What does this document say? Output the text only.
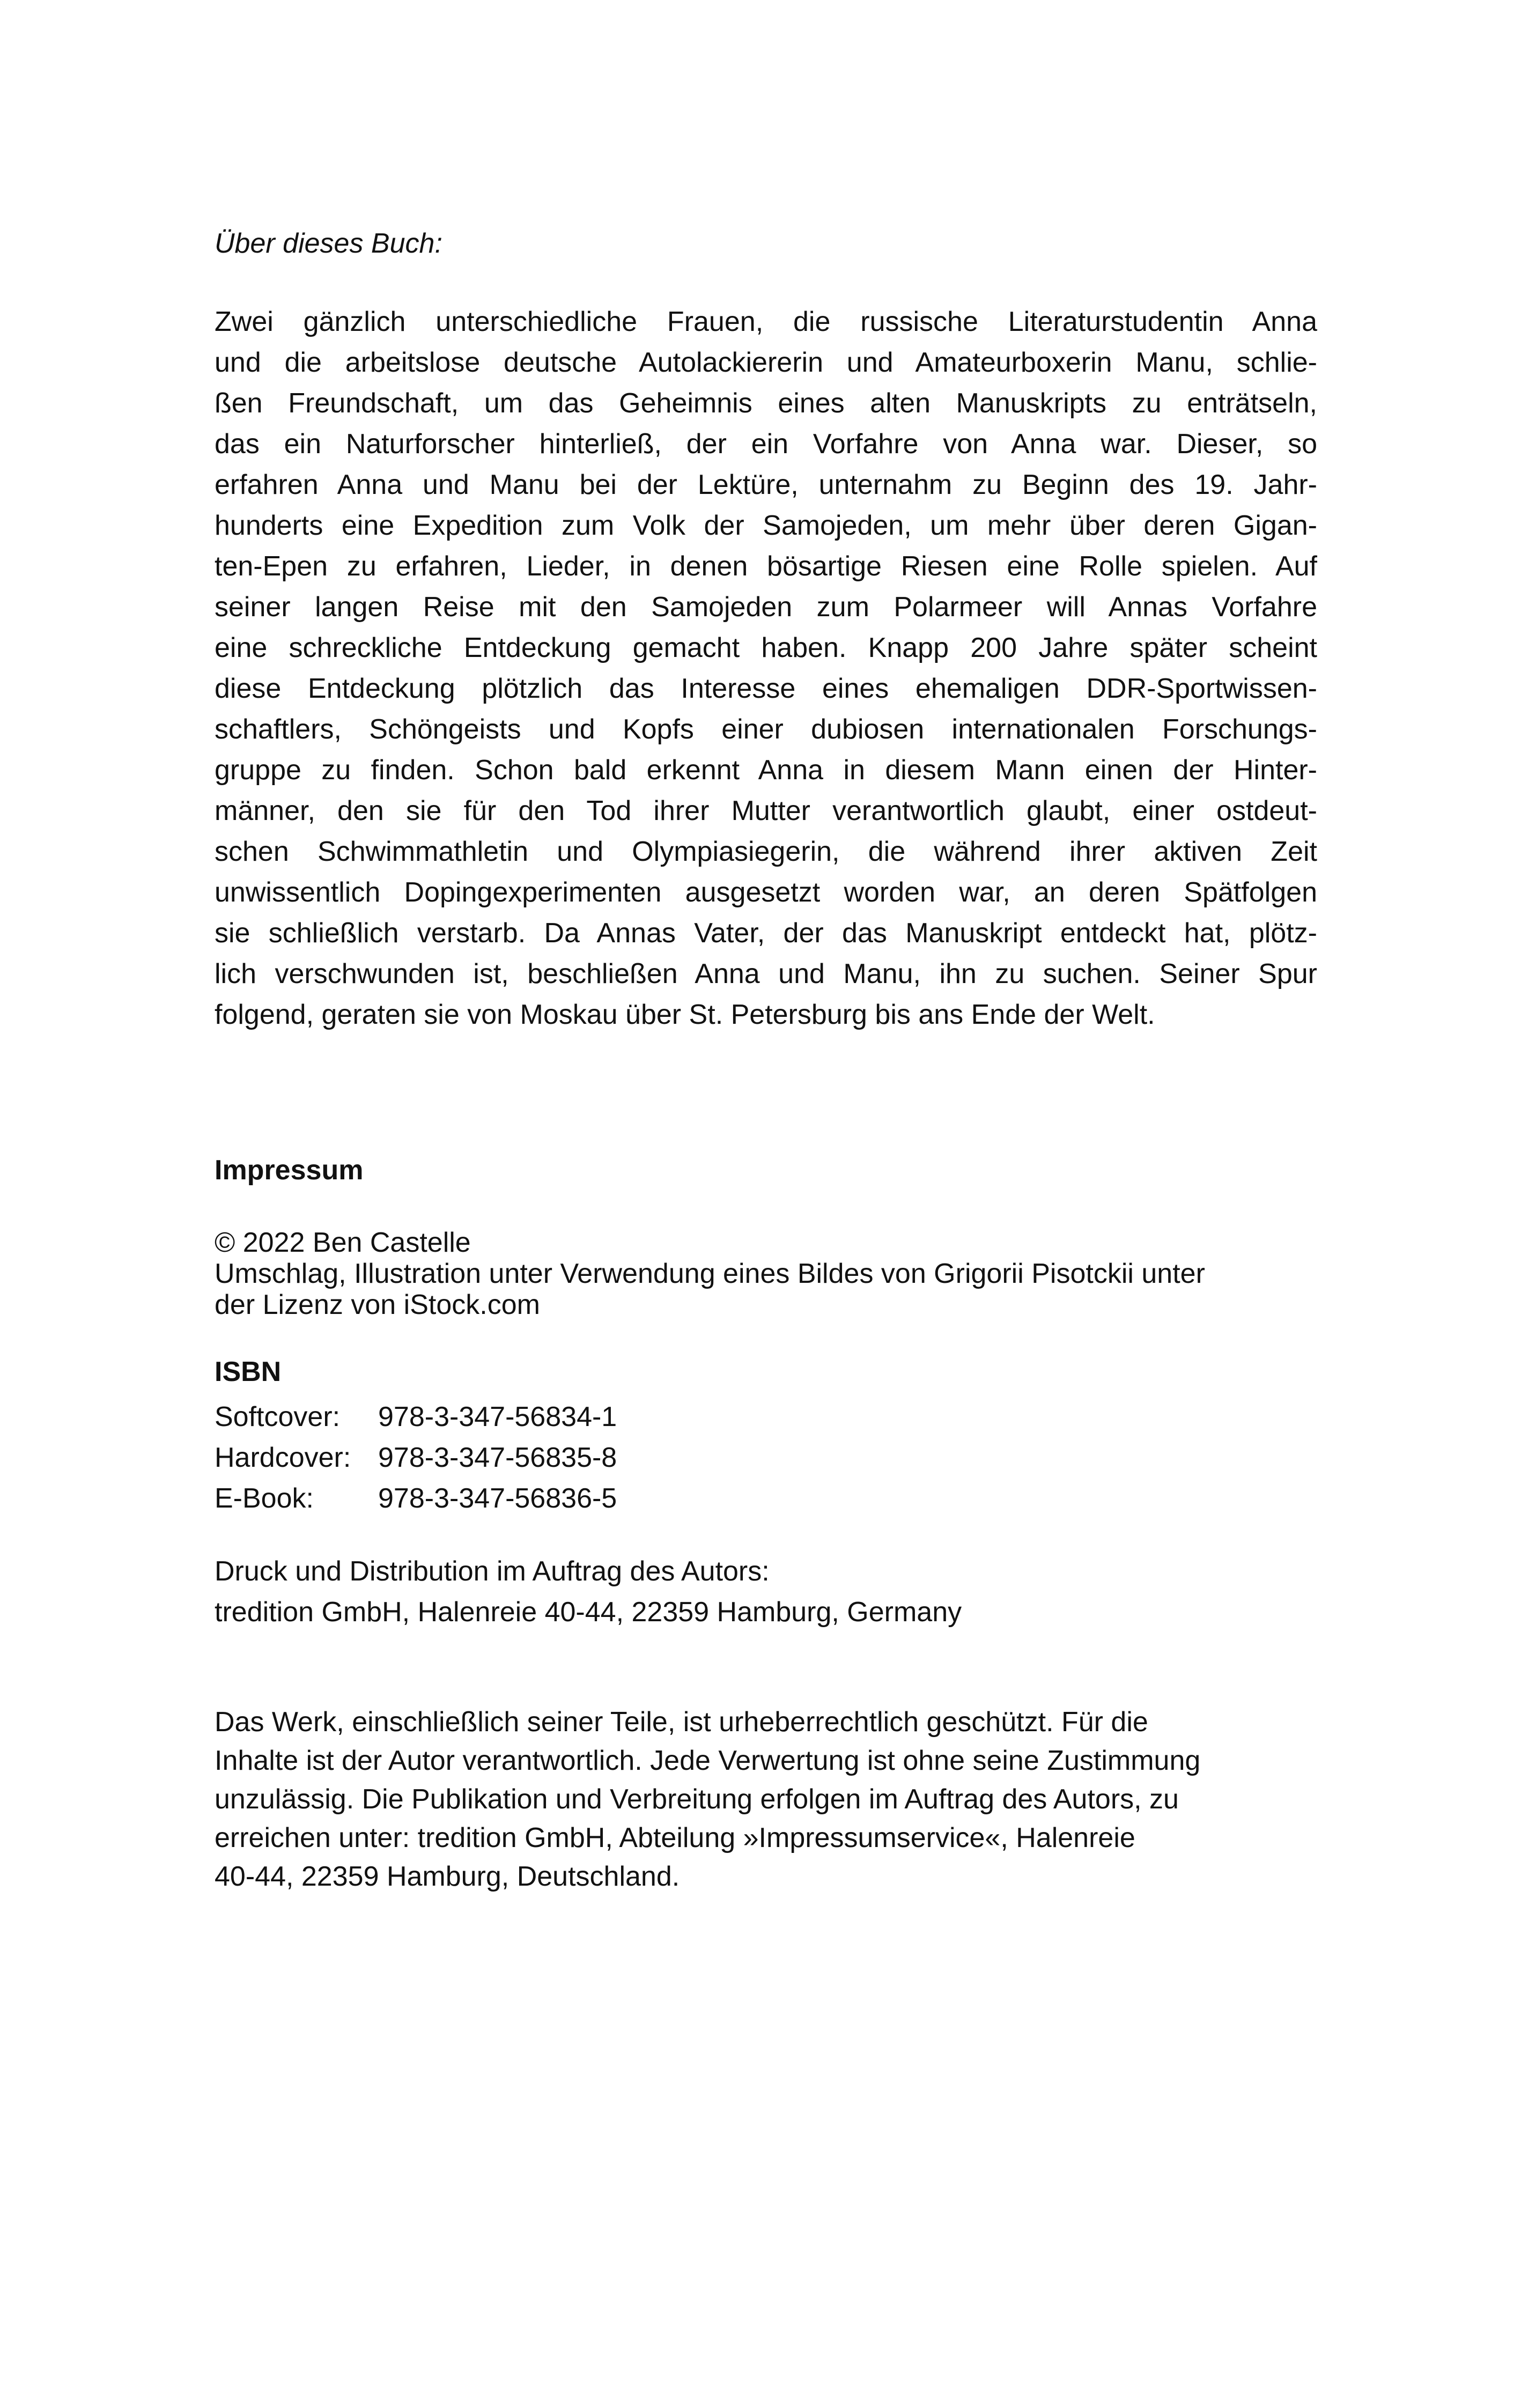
Über dieses Buch:

Zwei gänzlich unterschiedliche Frauen, die russische Literaturstudentin Anna
und die arbeitslose deutsche Autolackiererin und Amateurboxerin Manu, schlie-
ßen Freundschaft, um das Geheimnis eines alten Manuskripts zu enträtseln,
das ein Naturforscher hinterließ, der ein Vorfahre von Anna war. Dieser, so
erfahren Anna und Manu bei der Lektüre, unternahm zu Beginn des 19. Jahr-
hunderts eine Expedition zum Volk der Samojeden, um mehr über deren Gigan-
ten-Epen zu erfahren, Lieder, in denen bösartige Riesen eine Rolle spielen. Auf
seiner langen Reise mit den Samojeden zum Polarmeer will Annas Vorfahre
eine schreckliche Entdeckung gemacht haben. Knapp 200 Jahre später scheint
diese Entdeckung plötzlich das Interesse eines ehemaligen DDR-Sportwissen-
schaftlers, Schöngeists und Kopfs einer dubiosen internationalen Forschungs-
gruppe zu finden. Schon bald erkennt Anna in diesem Mann einen der Hinter-
männer, den sie für den Tod ihrer Mutter verantwortlich glaubt, einer ostdeut-
schen Schwimmathletin und Olympiasiegerin, die während ihrer aktiven Zeit
unwissentlich Dopingexperimenten ausgesetzt worden war, an deren Spätfolgen
sie schließlich verstarb. Da Annas Vater, der das Manuskript entdeckt hat, plötz-
lich verschwunden ist, beschließen Anna und Manu, ihn zu suchen. Seiner Spur
folgend, geraten sie von Moskau über St. Petersburg bis ans Ende der Welt.

Impressum

© 2022 Ben Castelle
Umschlag, Illustration unter Verwendung eines Bildes von Grigorii Pisotckii unter
der Lizenz von iStock.com

ISBN

Softcover:	978-3-347-56834-1
Hardcover: 978-3-347-56835-8
E-Book:	978-3-347-56836-5
Druck und Distribution im Auftrag des Autors:
tredition GmbH, Halenreie 40-44, 22359 Hamburg, Germany
Das Werk, einschließlich seiner Teile, ist urheberrechtlich geschützt. Für die
Inhalte ist der Autor verantwortlich. Jede Verwertung ist ohne seine Zustimmung
unzulässig. Die Publikation und Verbreitung erfolgen im Auftrag des Autors, zu
erreichen unter: tredition GmbH, Abteilung »Impressumservice«, Halenreie
40-44, 22359 Hamburg, Deutschland.
